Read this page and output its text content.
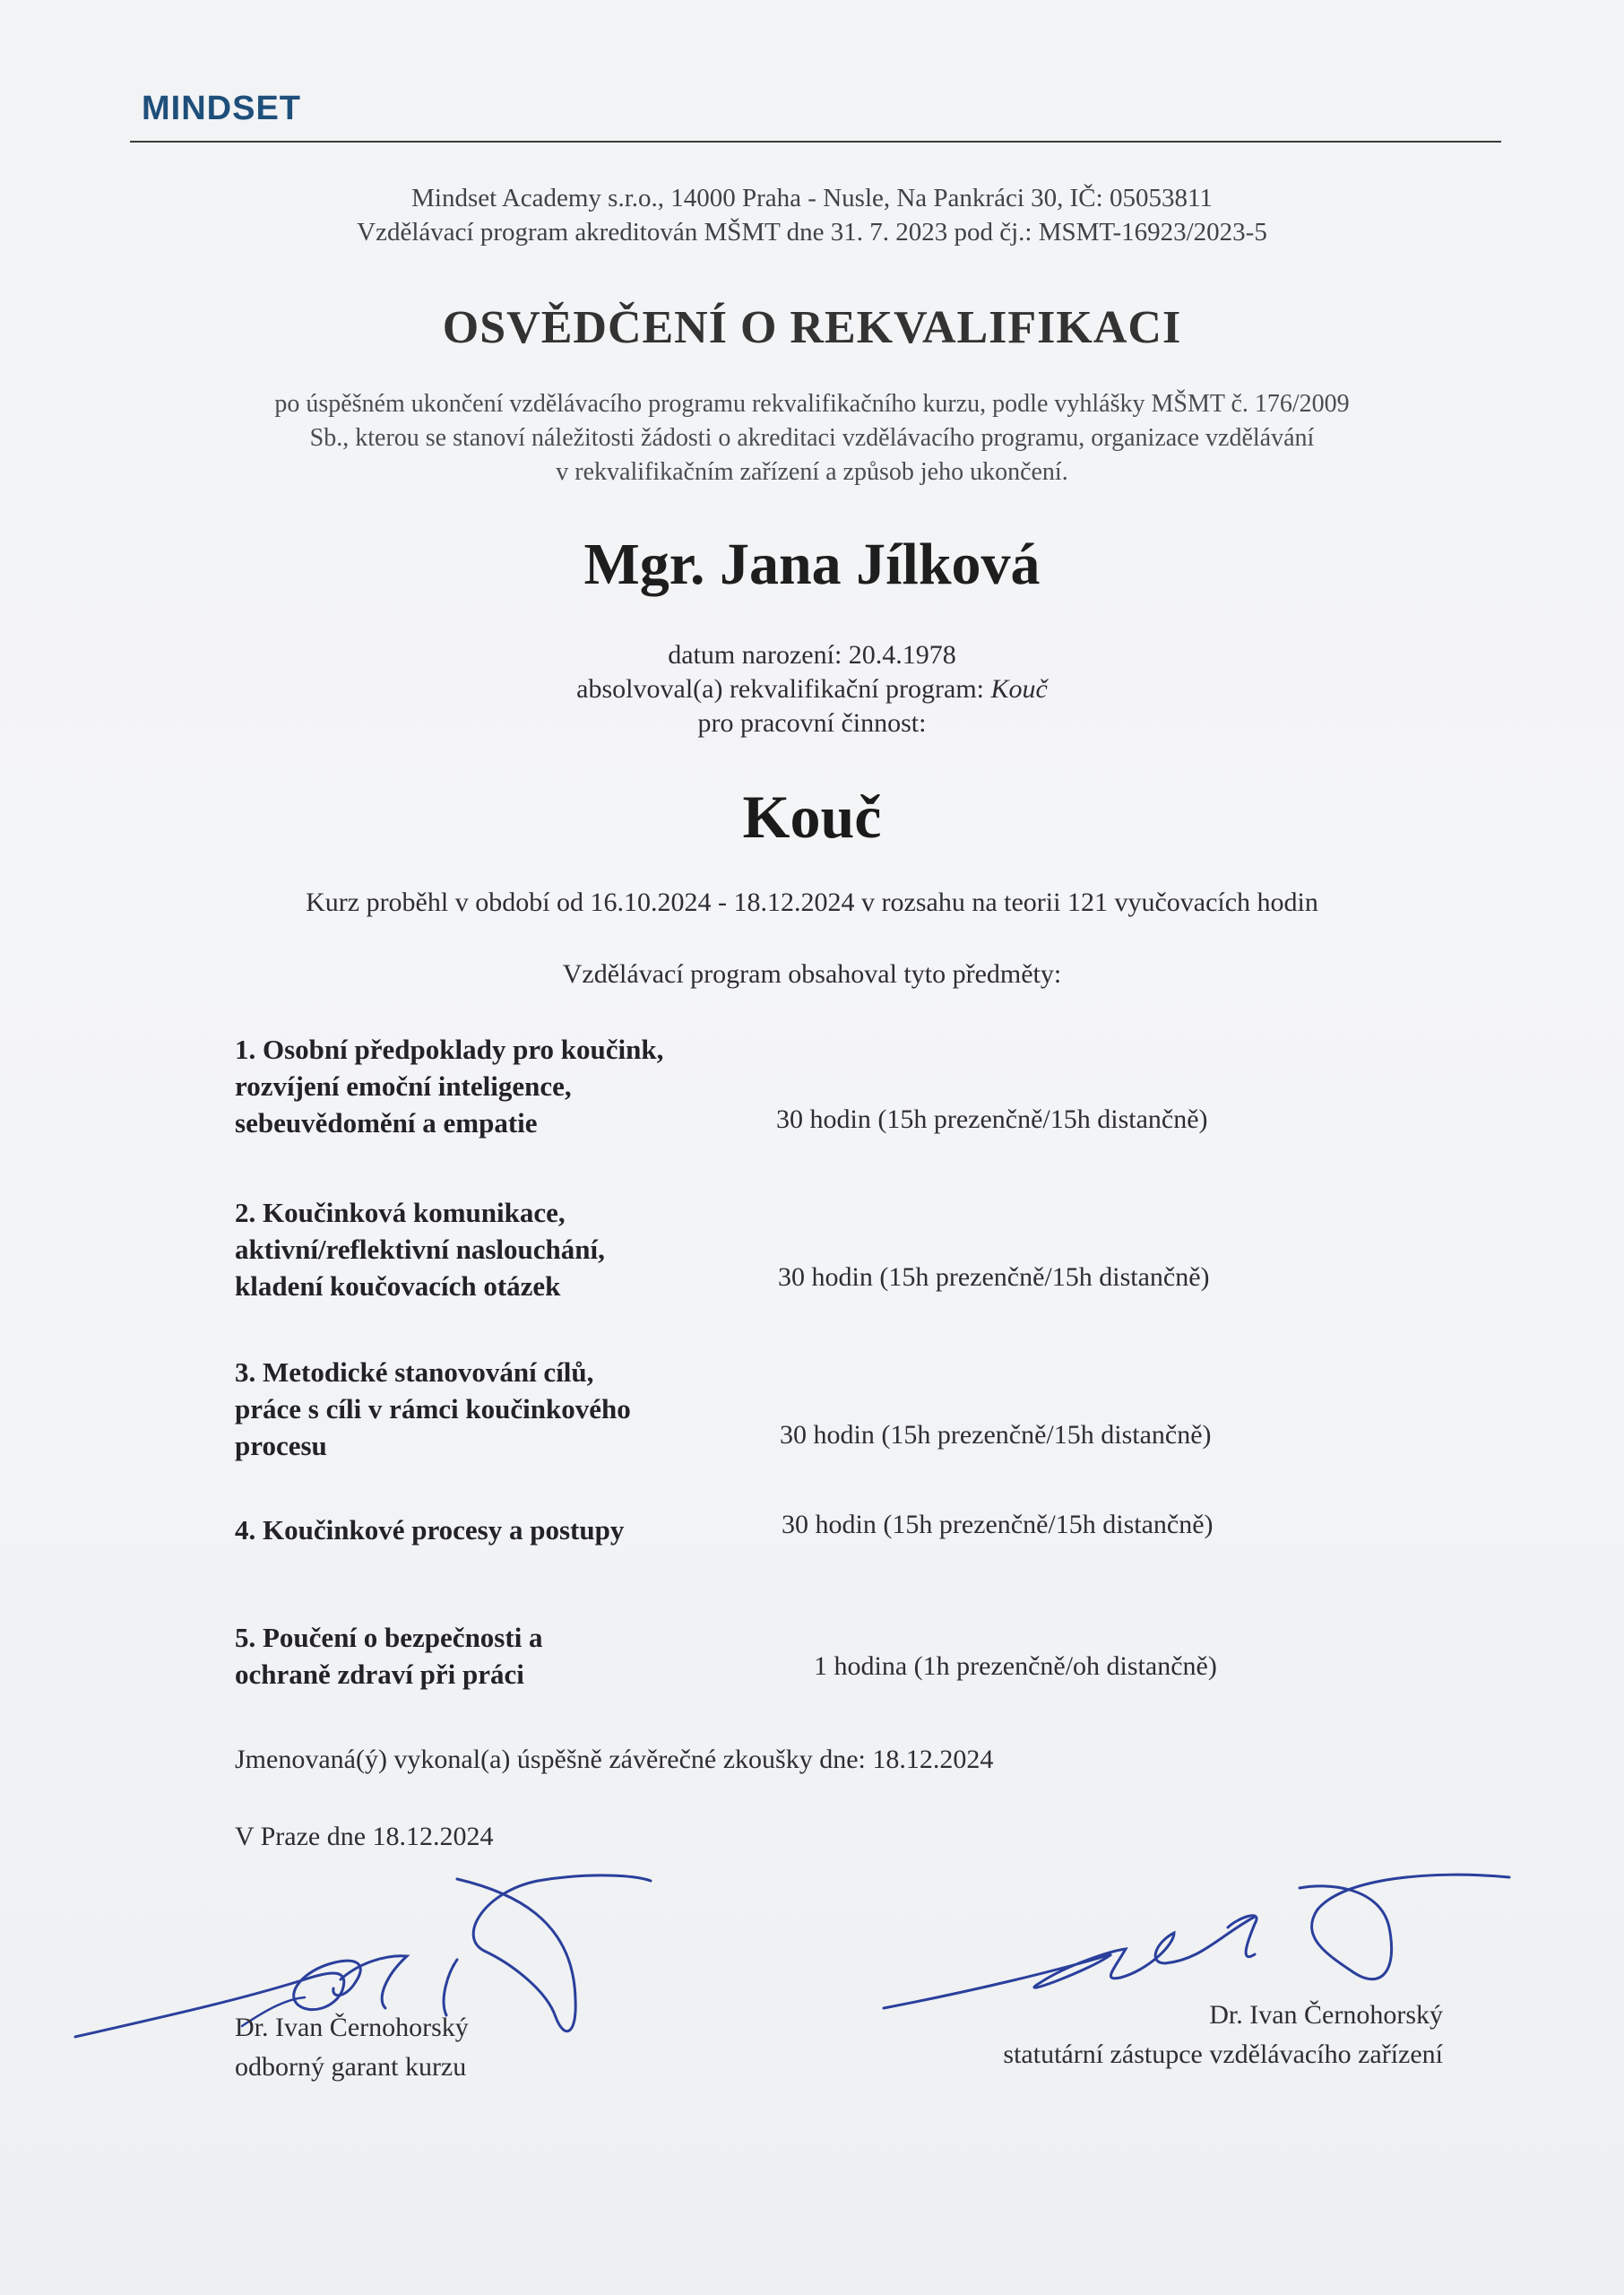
MINDSET
Mindset Academy s.r.o., 14000 Praha - Nusle, Na Pankráci 30, IČ: 05053811
Vzdělávací program akreditován MŠMT dne 31. 7. 2023 pod čj.: MSMT-16923/2023-5
OSVĚDČENÍ O REKVALIFIKACI
po úspěšném ukončení vzdělávacího programu rekvalifikačního kurzu, podle vyhlášky MŠMT č. 176/2009
Sb., kterou se stanoví náležitosti žádosti o akreditaci vzdělávacího programu, organizace vzdělávání
v rekvalifikačním zařízení a způsob jeho ukončení.
Mgr. Jana Jílková
datum narození: 20.4.1978
absolvoval(a) rekvalifikační program: Kouč
pro pracovní činnost:
Kouč
Kurz proběhl v období od 16.10.2024 - 18.12.2024 v rozsahu na teorii 121 vyučovacích hodin
Vzdělávací program obsahoval tyto předměty:
1. Osobní předpoklady pro koučink,
rozvíjení emoční inteligence,
sebeuvědomění a empatie	30 hodin (15h prezenčně/15h distančně)
2. Koučinková komunikace,
aktivní/reflektivní naslouchání,
kladení koučovacích otázek	30 hodin (15h prezenčně/15h distančně)
3. Metodické stanovování cílů,
práce s cíli v rámci koučinkového
procesu	30 hodin (15h prezenčně/15h distančně)
4. Koučinkové procesy a postupy	30 hodin (15h prezenčně/15h distančně)
5. Poučení o bezpečnosti a
ochraně zdraví při práci	1 hodina (1h prezenčně/oh distančně)
Jmenovaná(ý) vykonal(a) úspěšně závěrečné zkoušky dne: 18.12.2024
V Praze dne 18.12.2024
Dr. Ivan Černohorský
odborný garant kurzu
Dr. Ivan Černohorský
statutární zástupce vzdělávacího zařízení
